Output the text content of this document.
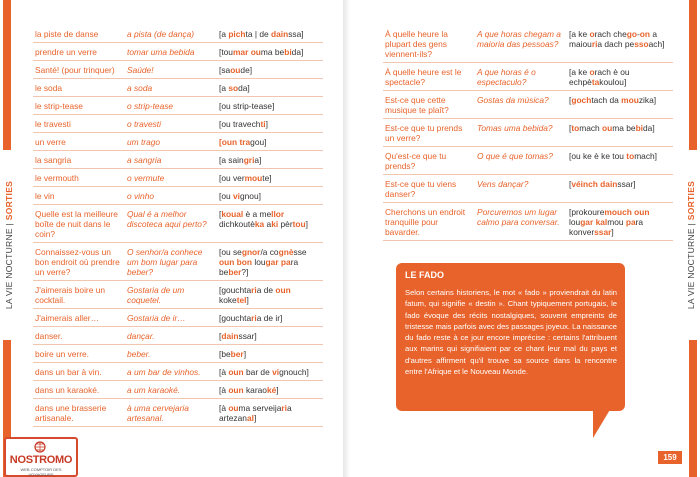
LA VIE NOCTURNE | SORTIES
la piste de danse	a pista (de dança)	[a pichta | de dainssa]
prendre un verre	tomar uma bebida	[toumar ouma bebida]
Santé! (pour trinquer)	Saúde!	[saoude]
le soda	a soda	[a soda]
le strip-tease	o strip-tease	[ou strip-tease]
le travesti	o travesti	[ou travechti]
un verre	um trago	[oun tragou]
la sangria	a sangria	[a saingria]
le vermouth	o vermute	[ou vermoute]
le vin	o vinho	[ou vignou]
Quelle est la meilleure boîte de nuit dans le coin?	Qual é a melhor discoteca aqui perto?	[koual è a mellor dichkoutèka aki pèrtou]
Connaissez-vous un bon endroit où prendre un verre?	O senhor/a conhece um bom lugar para beber?	[ou segnor/a cognèsse oun bon lougar para beber?]
J'aimerais boire un cocktail.	Gostaria de um coquetel.	[gouchtaria de oun koketel]
J'aimerais aller…	Gostaria de ir…	[gouchtaria de ir]
danser.	dançar.	[dainssar]
boire un verre.	beber.	[beber]
dans un bar à vin.	a um bar de vinhos.	[à oun bar de vignouch]
dans un karaoké.	a um karaoké.	[à oun karaoké]
dans une brasserie artisanale.	à uma cervejaria artesanal.	[à ouma serveijaria artezanal]
NOSTROMO
WEB COMPTOIR DES VOYAGEURS
LA VIE NOCTURNE | SORTIES
À quelle heure la plupart des gens viennent-ils?	A que horas chegam a maioria das pessoas?	[a ke orach chego-on a maiouria dach pessoach]
À quelle heure est le spectacle?	A que horas é o espectaculo?	[a ke orach è ou echpètakoulou]
Est-ce que cette musique te plaît?	Gostas da música?	[gochtach da mouzika]
Est-ce que tu prends un verre?	Tomas uma bebida?	[tomach ouma bebida]
Qu'est-ce que tu prends?	O que é que tomas?	[ou ke è ke tou tomach]
Est-ce que tu viens danser?	Vens dançar?	[véinch dainssar]
Cherchons un endroit tranquille pour bavarder.	Porcuremos um lugar calmo para conversar.	[prokouremouch oun lougar kalmou para konverssar]
LE FADO
Selon certains historiens, le mot « fado » proviendrait du latin fatum, qui signifie « destin ». Chant typiquement portugais, le fado évoque des récits nostalgiques, souvent empreints de tristesse mais parfois avec des passages joyeux. La naissance du fado reste à ce jour encore imprécise : certains l'attribuent aux marins qui signifiaient par ce chant leur mal du pays et d'autres affirment qu'il trouve sa source dans la rencontre entre l'Afrique et le Nouveau Monde.
159
